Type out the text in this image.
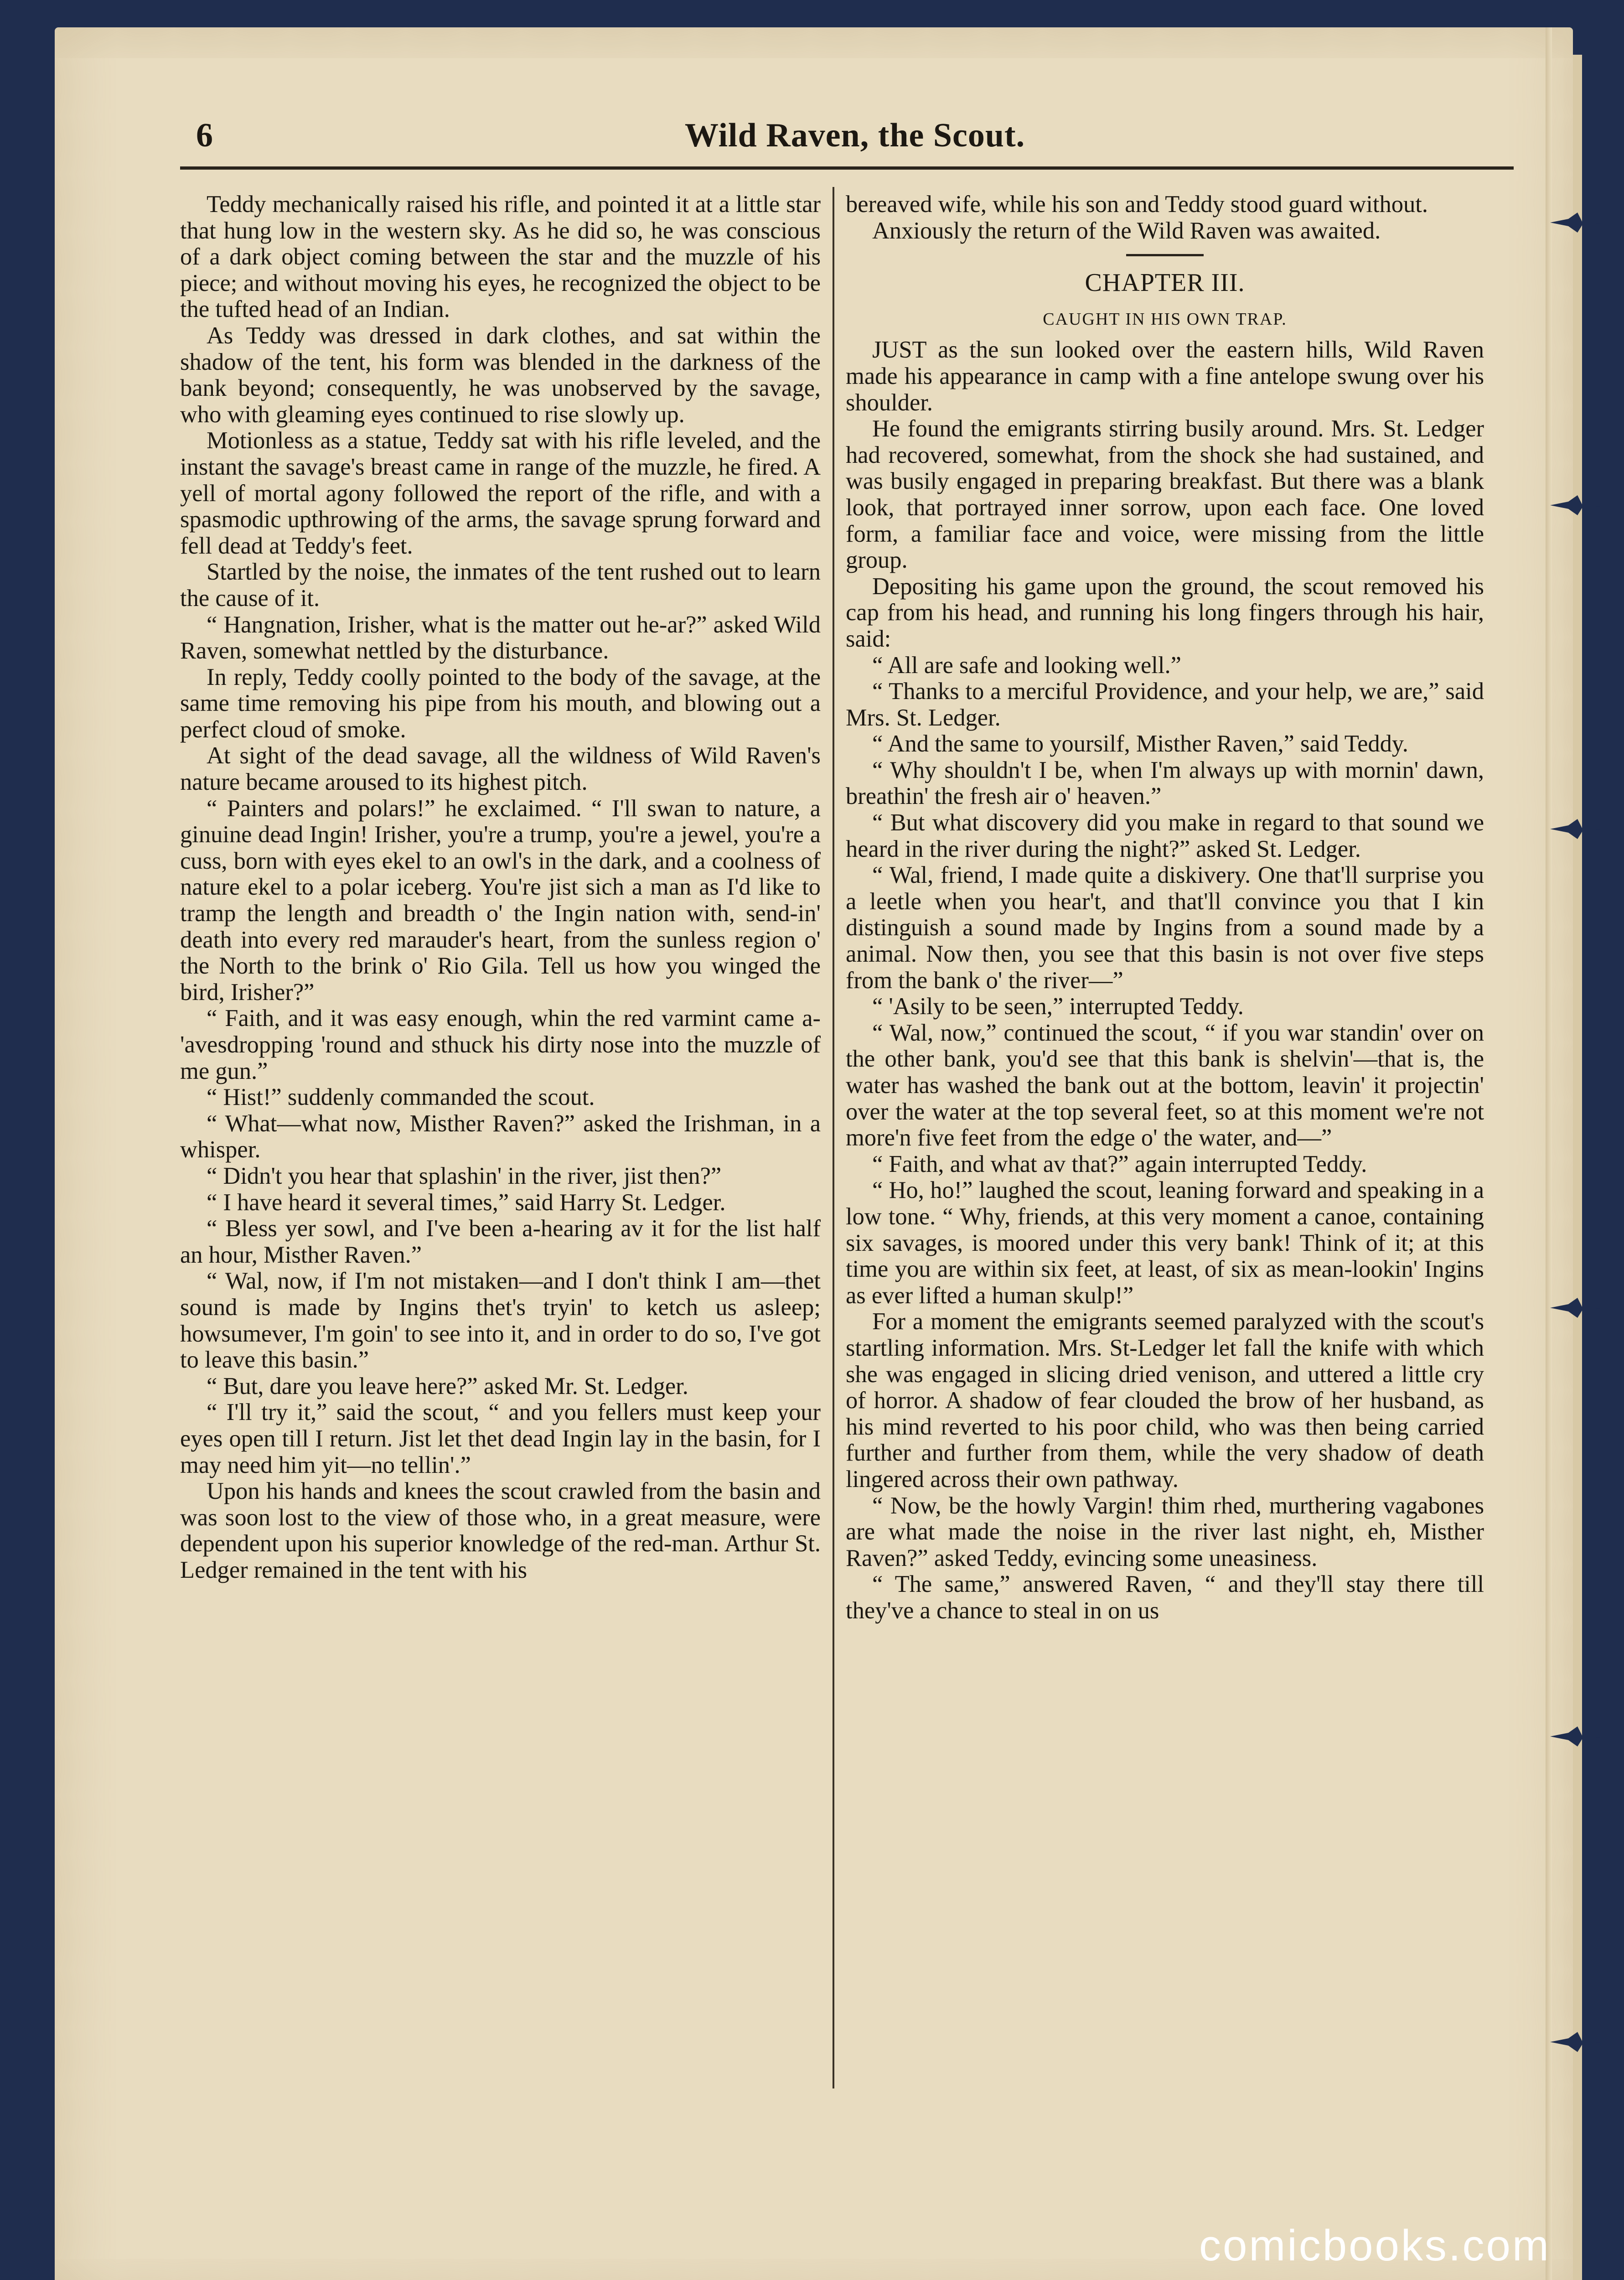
6	Wild Raven, the Scout.

Teddy mechanically raised his rifle, and pointed it at a little star that hung low in the western sky. As he did so, he was conscious of a dark object coming between the star and the muzzle of his piece; and without moving his eyes, he recognized the object to be the tufted head of an Indian.

As Teddy was dressed in dark clothes, and sat within the shadow of the tent, his form was blended in the darkness of the bank beyond; consequently, he was unobserved by the savage, who with gleaming eyes continued to rise slowly up.

Motionless as a statue, Teddy sat with his rifle leveled, and the instant the savage's breast came in range of the muzzle, he fired. A yell of mortal agony followed the report of the rifle, and with a spasmodic upthrowing of the arms, the savage sprung forward and fell dead at Teddy's feet.

Startled by the noise, the inmates of the tent rushed out to learn the cause of it.

“ Hangnation, Irisher, what is the matter out he-ar?” asked Wild Raven, somewhat nettled by the disturbance.

In reply, Teddy coolly pointed to the body of the savage, at the same time removing his pipe from his mouth, and blowing out a perfect cloud of smoke.

At sight of the dead savage, all the wildness of Wild Raven's nature became aroused to its highest pitch.

“ Painters and polars!” he exclaimed. “ I'll swan to nature, a ginuine dead Ingin! Irisher, you're a trump, you're a jewel, you're a cuss, born with eyes ekel to an owl's in the dark, and a coolness of nature ekel to a polar iceberg. You're jist sich a man as I'd like to tramp the length and breadth o' the Ingin nation with, send-in' death into every red marauder's heart, from the sunless region o' the North to the brink o' Rio Gila. Tell us how you winged the bird, Irisher?”

“ Faith, and it was easy enough, whin the red varmint came a-'avesdropping 'round and sthuck his dirty nose into the muzzle of me gun.”

“ Hist!” suddenly commanded the scout.

“ What—what now, Misther Raven?” asked the Irishman, in a whisper.

“ Didn't you hear that splashin' in the river, jist then?”

“ I have heard it several times,” said Harry St. Ledger.

“ Bless yer sowl, and I've been a-hearing av it for the list half an hour, Misther Raven.”

“ Wal, now, if I'm not mistaken—and I don't think I am—thet sound is made by Ingins thet's tryin' to ketch us asleep; howsumever, I'm goin' to see into it, and in order to do so, I've got to leave this basin.”

“ But, dare you leave here?” asked Mr. St. Ledger.

“ I'll try it,” said the scout, “ and you fellers must keep your eyes open till I return. Jist let thet dead Ingin lay in the basin, for I may need him yit—no tellin'.”

Upon his hands and knees the scout crawled from the basin and was soon lost to the view of those who, in a great measure, were dependent upon his superior knowledge of the red-man. Arthur St. Ledger remained in the tent with his

bereaved wife, while his son and Teddy stood guard without.

Anxiously the return of the Wild Raven was awaited.

CHAPTER III.
CAUGHT IN HIS OWN TRAP.

JUST as the sun looked over the eastern hills, Wild Raven made his appearance in camp with a fine antelope swung over his shoulder.

He found the emigrants stirring busily around. Mrs. St. Ledger had recovered, somewhat, from the shock she had sustained, and was busily engaged in preparing breakfast. But there was a blank look, that portrayed inner sorrow, upon each face. One loved form, a familiar face and voice, were missing from the little group.

Depositing his game upon the ground, the scout removed his cap from his head, and running his long fingers through his hair, said:

“ All are safe and looking well.”

“ Thanks to a merciful Providence, and your help, we are,” said Mrs. St. Ledger.

“ And the same to yoursilf, Misther Raven,” said Teddy.

“ Why shouldn't I be, when I'm always up with mornin' dawn, breathin' the fresh air o' heaven.”

“ But what discovery did you make in regard to that sound we heard in the river during the night?” asked St. Ledger.

“ Wal, friend, I made quite a diskivery. One that'll surprise you a leetle when you hear't, and that'll convince you that I kin distinguish a sound made by Ingins from a sound made by a animal. Now then, you see that this basin is not over five steps from the bank o' the river—”

“ 'Asily to be seen,” interrupted Teddy.

“ Wal, now,” continued the scout, “ if you war standin' over on the other bank, you'd see that this bank is shelvin'—that is, the water has washed the bank out at the bottom, leavin' it projectin' over the water at the top several feet, so at this moment we're not more'n five feet from the edge o' the water, and—”

“ Faith, and what av that?” again interrupted Teddy.

“ Ho, ho!” laughed the scout, leaning forward and speaking in a low tone. “ Why, friends, at this very moment a canoe, containing six savages, is moored under this very bank! Think of it; at this time you are within six feet, at least, of six as mean-lookin' Ingins as ever lifted a human skulp!”

For a moment the emigrants seemed paralyzed with the scout's startling information. Mrs. St-Ledger let fall the knife with which she was engaged in slicing dried venison, and uttered a little cry of horror. A shadow of fear clouded the brow of her husband, as his mind reverted to his poor child, who was then being carried further and further from them, while the very shadow of death lingered across their own pathway.

“ Now, be the howly Vargin! thim rhed, murthering vagabones are what made the noise in the river last night, eh, Misther Raven?” asked Teddy, evincing some uneasiness.

“ The same,” answered Raven, “ and they'll stay there till they've a chance to steal in on us

comicbooks.com
